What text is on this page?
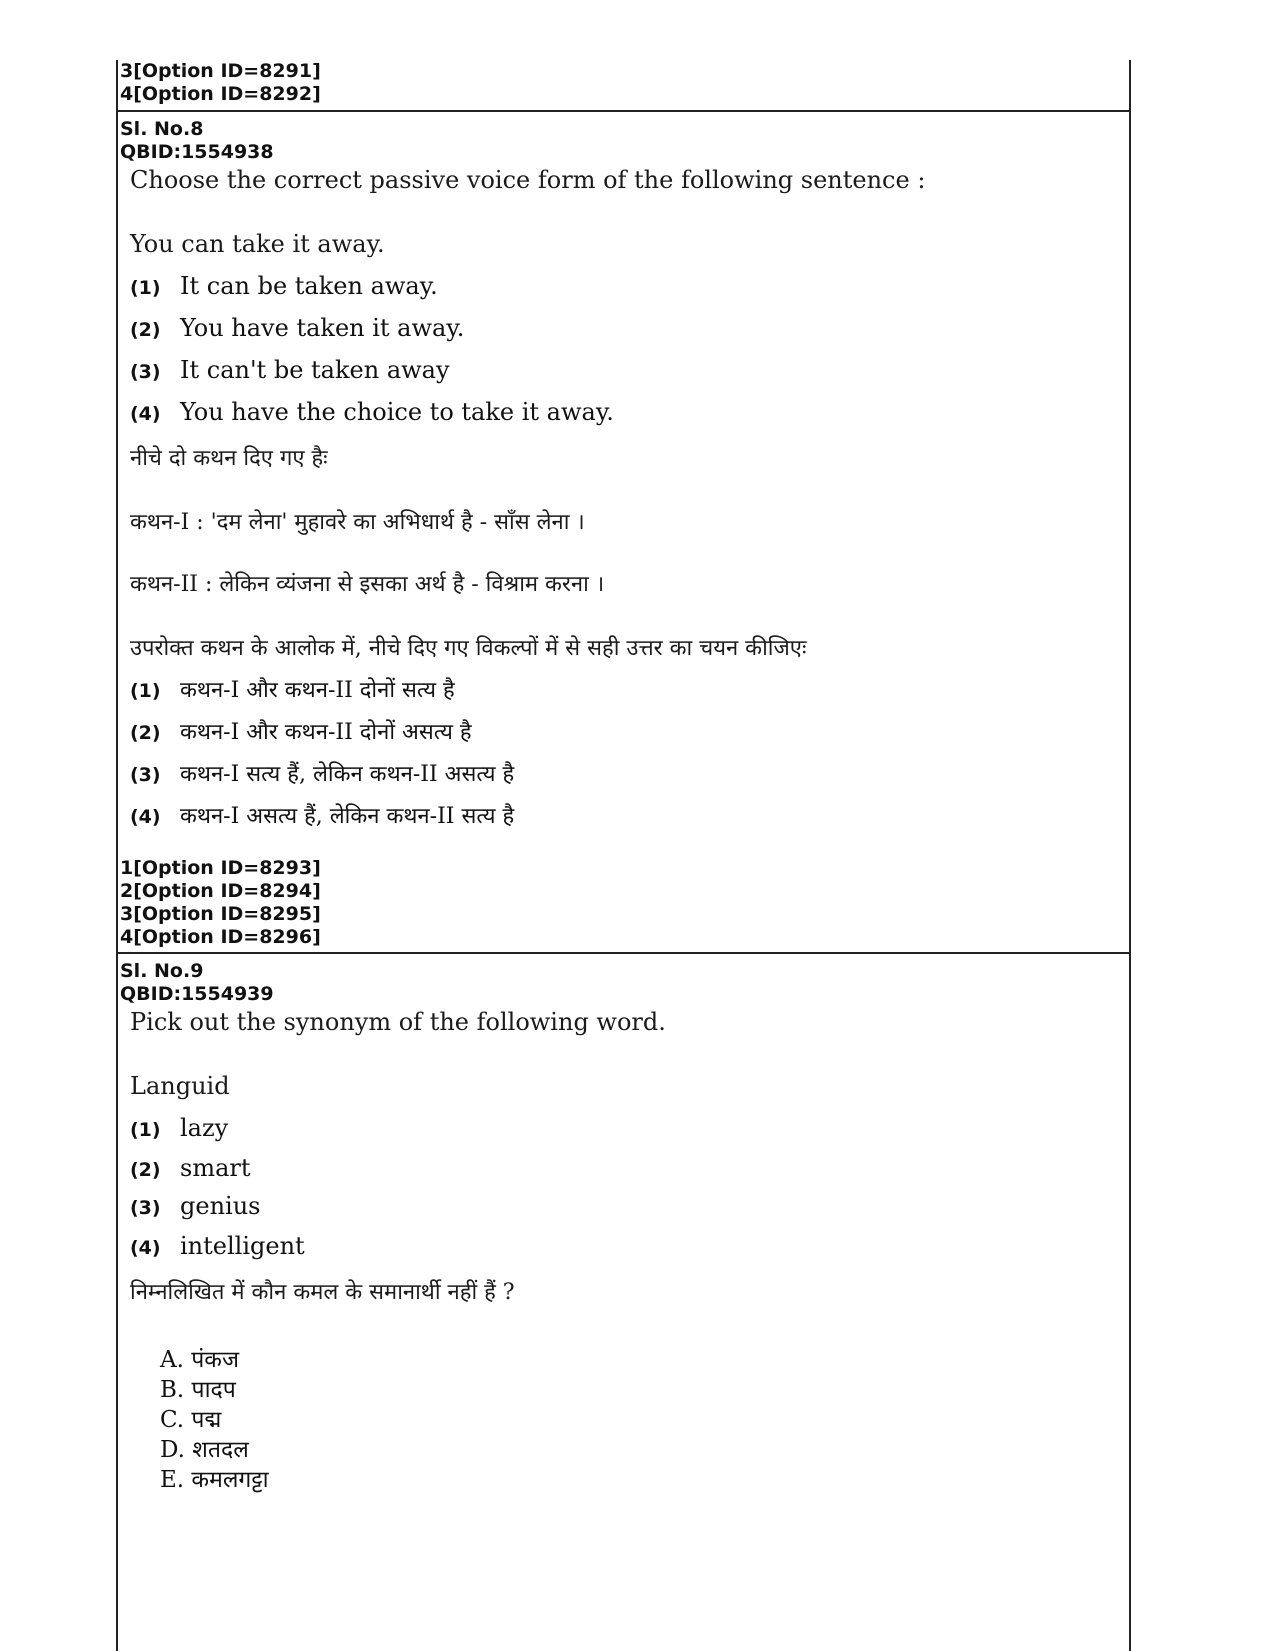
3[Option ID=8291]
4[Option ID=8292]
Sl. No.8
QBID:1554938
Choose the correct passive voice form of the following sentence :
You can take it away.
(1) It can be taken away.
(2) You have taken it away.
(3) It can't be taken away
(4) You have the choice to take it away.
नीचे दो कथन दिए गए हैः
कथन-I : 'दम लेना' मुहावरे का अभिधार्थ है - साँस लेना ।
कथन-II : लेकिन व्यंजना से इसका अर्थ है - विश्राम करना ।
उपरोक्त कथन के आलोक में, नीचे दिए गए विकल्पों में से सही उत्तर का चयन कीजिएः
(1) कथन-I और कथन-II दोनों सत्य है
(2) कथन-I और कथन-II दोनों असत्य है
(3) कथन-I सत्य हैं, लेकिन कथन-II असत्य है
(4) कथन-I असत्य हैं, लेकिन कथन-II सत्य है
1[Option ID=8293]
2[Option ID=8294]
3[Option ID=8295]
4[Option ID=8296]
Sl. No.9
QBID:1554939
Pick out the synonym of the following word.
Languid
(1) lazy
(2) smart
(3) genius
(4) intelligent
निम्नलिखित में कौन कमल के समानार्थी नहीं हैं ?
A. पंकज
B. पादप
C. पद्म
D. शतदल
E. कमलगट्टा
